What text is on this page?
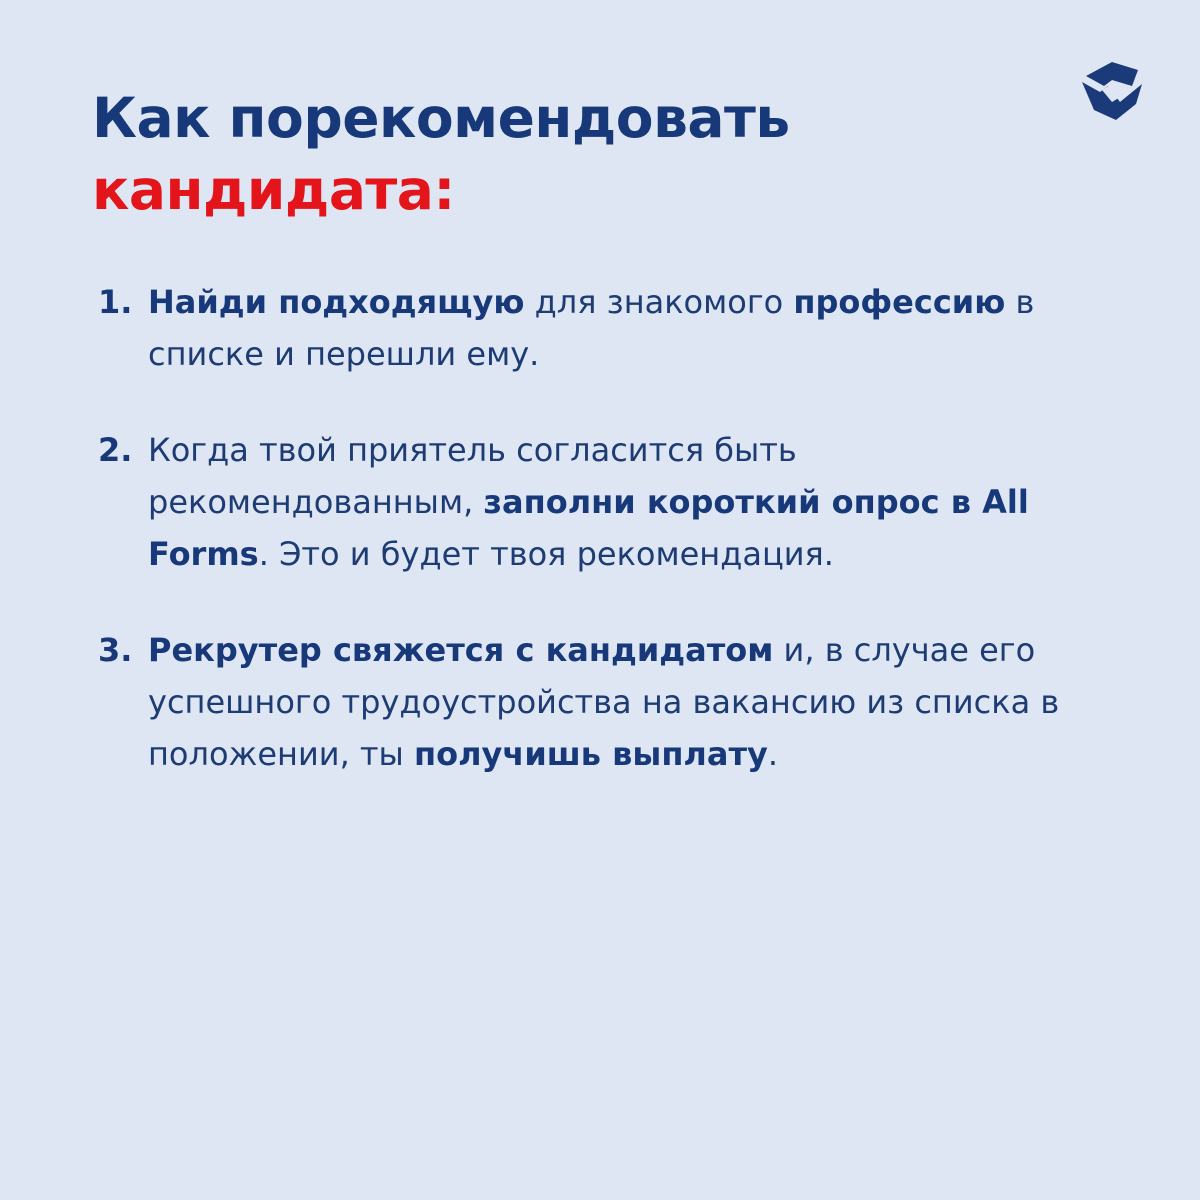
Как порекомендовать
кандидата:
1. Найди подходящую для знакомого профессию в списке и перешли ему.
2. Когда твой приятель согласится быть рекомендованным, заполни короткий опрос в All Forms. Это и будет твоя рекомендация.
3. Рекрутер свяжется с кандидатом и, в случае его успешного трудоустройства на вакансию из списка в положении, ты получишь выплату.
